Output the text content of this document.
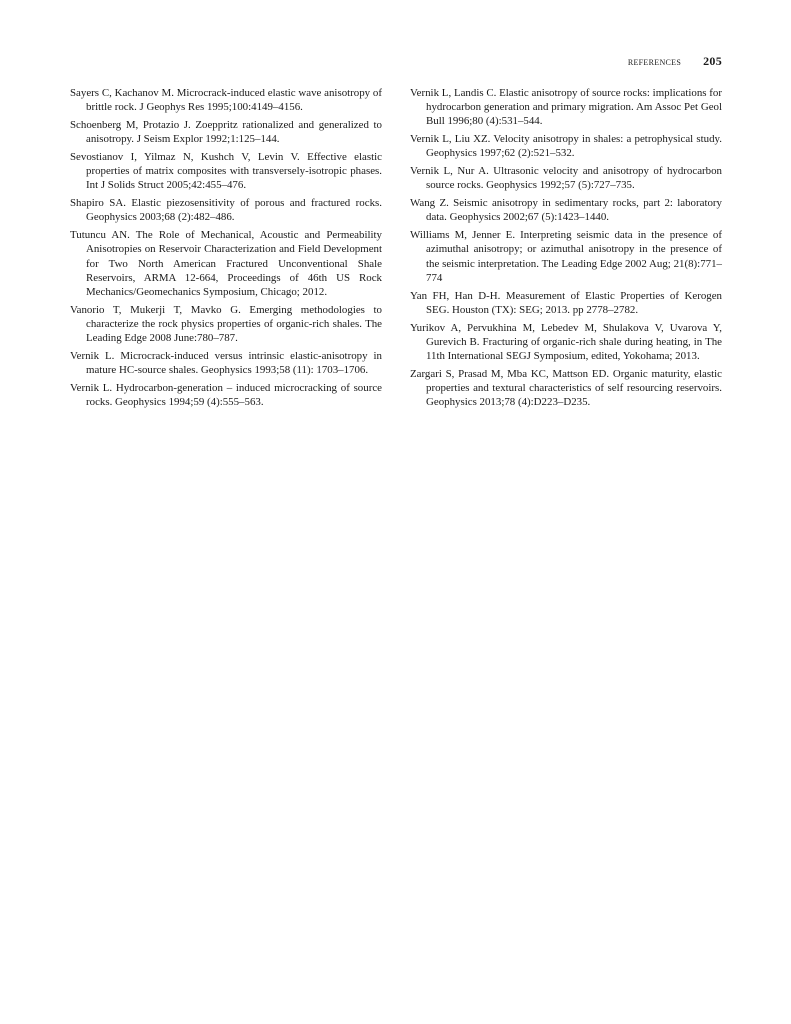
references 205

Sayers C, Kachanov M. Microcrack-induced elastic wave anisotropy of brittle rock. J Geophys Res 1995;100:4149–4156.

Schoenberg M, Protazio J. Zoeppritz rationalized and generalized to anisotropy. J Seism Explor 1992;1:125–144.

Sevostianov I, Yilmaz N, Kushch V, Levin V. Effective elastic properties of matrix composites with transversely-isotropic phases. Int J Solids Struct 2005;42:455–476.

Shapiro SA. Elastic piezosensitivity of porous and fractured rocks. Geophysics 2003;68 (2):482–486.

Tutuncu AN. The Role of Mechanical, Acoustic and Permeability Anisotropies on Reservoir Characterization and Field Development for Two North American Fractured Unconventional Shale Reservoirs, ARMA 12-664, Proceedings of 46th US Rock Mechanics/Geomechanics Symposium, Chicago; 2012.

Vanorio T, Mukerji T, Mavko G. Emerging methodologies to characterize the rock physics properties of organic-rich shales. The Leading Edge 2008 June:780–787.

Vernik L. Microcrack-induced versus intrinsic elastic-anisotropy in mature HC-source shales. Geophysics 1993;58 (11): 1703–1706.

Vernik L. Hydrocarbon-generation – induced microcracking of source rocks. Geophysics 1994;59 (4):555–563.

Vernik L, Landis C. Elastic anisotropy of source rocks: implications for hydrocarbon generation and primary migration. Am Assoc Pet Geol Bull 1996;80 (4):531–544.

Vernik L, Liu XZ. Velocity anisotropy in shales: a petrophysical study. Geophysics 1997;62 (2):521–532.

Vernik L, Nur A. Ultrasonic velocity and anisotropy of hydrocarbon source rocks. Geophysics 1992;57 (5):727–735.

Wang Z. Seismic anisotropy in sedimentary rocks, part 2: laboratory data. Geophysics 2002;67 (5):1423–1440.

Williams M, Jenner E. Interpreting seismic data in the presence of azimuthal anisotropy; or azimuthal anisotropy in the presence of the seismic interpretation. The Leading Edge 2002 Aug; 21(8):771–774

Yan FH, Han D-H. Measurement of Elastic Properties of Kerogen SEG. Houston (TX): SEG; 2013. pp 2778–2782.

Yurikov A, Pervukhina M, Lebedev M, Shulakova V, Uvarova Y, Gurevich B. Fracturing of organic-rich shale during heating, in The 11th International SEGJ Symposium, edited, Yokohama; 2013.

Zargari S, Prasad M, Mba KC, Mattson ED. Organic maturity, elastic properties and textural characteristics of self resourcing reservoirs. Geophysics 2013;78 (4):D223–D235.
